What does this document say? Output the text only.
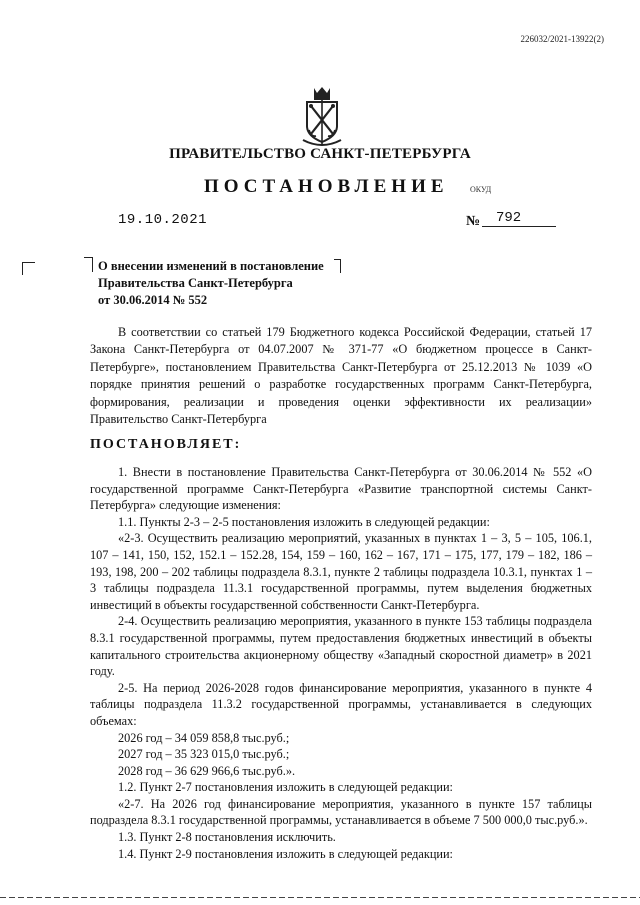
226032/2021-13922(2)
ПРАВИТЕЛЬСТВО САНКТ-ПЕТЕРБУРГА
ПОСТАНОВЛЕНИЕ	ОКУД
19.10.2021	№	792
О внесении изменений в постановление
Правительства Санкт-Петербурга
от 30.06.2014 № 552
В соответствии со статьей 179 Бюджетного кодекса Российской Федерации, статьей 17 Закона Санкт-Петербурга от 04.07.2007 № 371-77 «О бюджетном процессе в Санкт-Петербурге», постановлением Правительства Санкт-Петербурга от 25.12.2013 № 1039 «О порядке принятия решений о разработке государственных программ Санкт-Петербурга, формирования, реализации и проведения оценки эффективности их реализации» Правительство Санкт-Петербурга
ПОСТАНОВЛЯЕТ:

1. Внести в постановление Правительства Санкт-Петербурга от 30.06.2014 № 552 «О государственной программе Санкт-Петербурга «Развитие транспортной системы Санкт-Петербурга» следующие изменения:

1.1. Пункты 2-3 – 2-5 постановления изложить в следующей редакции:

«2-3. Осуществить реализацию мероприятий, указанных в пунктах 1 – 3, 5 – 105, 106.1, 107 – 141, 150, 152, 152.1 – 152.28, 154, 159 – 160, 162 – 167, 171 – 175, 177, 179 – 182, 186 – 193, 198, 200 – 202 таблицы подраздела 8.3.1, пункте 2 таблицы подраздела 10.3.1, пунктах 1 – 3 таблицы подраздела 11.3.1 государственной программы, путем выделения бюджетных инвестиций в объекты государственной собственности Санкт-Петербурга.

2-4. Осуществить реализацию мероприятия, указанного в пункте 153 таблицы подраздела 8.3.1 государственной программы, путем предоставления бюджетных инвестиций в объекты капитального строительства акционерному обществу «Западный скоростной диаметр» в 2021 году.

2-5. На период 2026-2028 годов финансирование мероприятия, указанного в пункте 4 таблицы подраздела 11.3.2 государственной программы, устанавливается в следующих объемах:

2026 год – 34 059 858,8 тыс.руб.;

2027 год – 35 323 015,0 тыс.руб.;

2028 год – 36 629 966,6 тыс.руб.».

1.2. Пункт 2-7 постановления изложить в следующей редакции:

«2-7. На 2026 год финансирование мероприятия, указанного в пункте 157 таблицы подраздела 8.3.1 государственной программы, устанавливается в объеме 7 500 000,0 тыс.руб.».

1.3. Пункт 2-8 постановления исключить.

1.4. Пункт 2-9 постановления изложить в следующей редакции:
